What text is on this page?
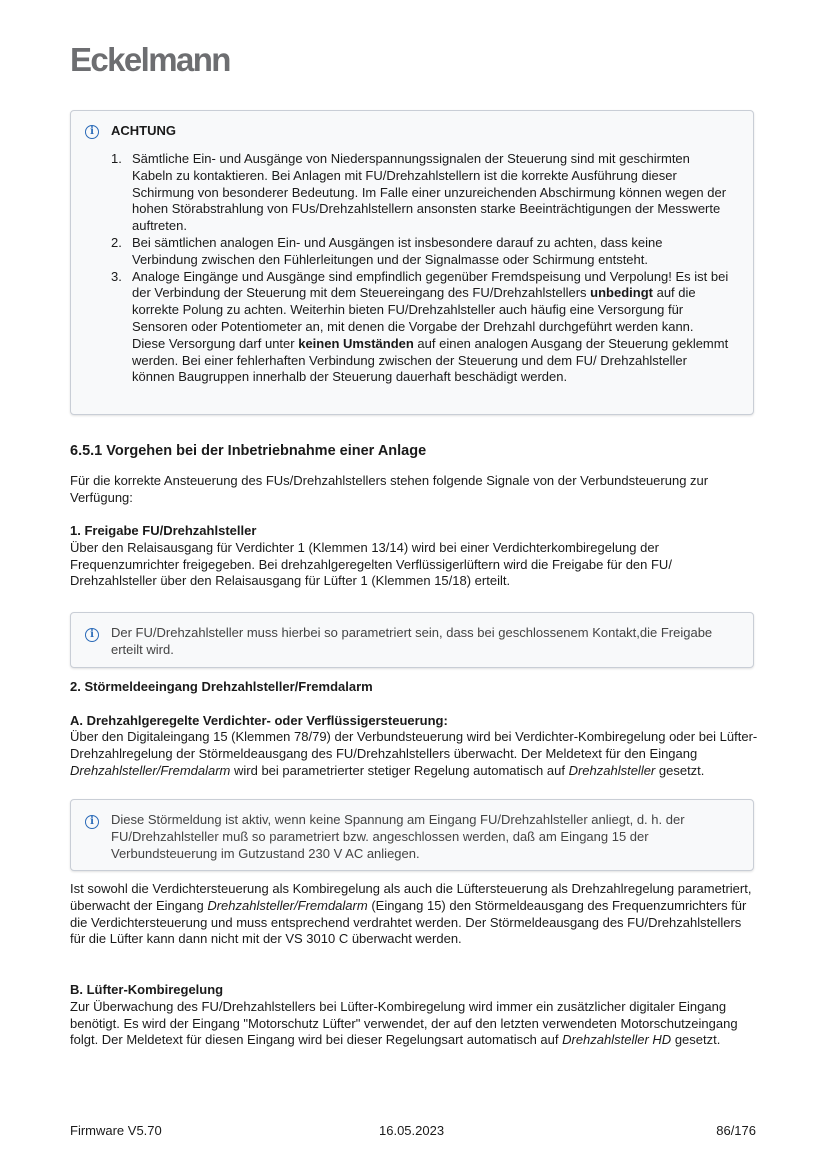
Eckelmann
i	ACHTUNG
1. Sämtliche Ein- und Ausgänge von Niederspannungssignalen der Steuerung sind mit geschirmten Kabeln zu kontaktieren. Bei Anlagen mit FU/Drehzahlstellern ist die korrekte Ausführung dieser Schirmung von besonderer Bedeutung. Im Falle einer unzureichenden Abschirmung können wegen der hohen Störabstrahlung von FUs/Drehzahlstellern ansonsten starke Beeinträchtigungen der Messwerte auftreten.
2. Bei sämtlichen analogen Ein- und Ausgängen ist insbesondere darauf zu achten, dass keine Verbindung zwischen den Fühlerleitungen und der Signalmasse oder Schirmung entsteht.
3. Analoge Eingänge und Ausgänge sind empfindlich gegenüber Fremdspeisung und Verpolung! Es ist bei der Verbindung der Steuerung mit dem Steuereingang des FU/Drehzahlstellers unbedingt auf die korrekte Polung zu achten. Weiterhin bieten FU/Drehzahlsteller auch häufig eine Versorgung für Sensoren oder Potentiometer an, mit denen die Vorgabe der Drehzahl durchgeführt werden kann.
Diese Versorgung darf unter keinen Umständen auf einen analogen Ausgang der Steuerung geklemmt werden. Bei einer fehlerhaften Verbindung zwischen der Steuerung und dem FU/ Drehzahlsteller können Baugruppen innerhalb der Steuerung dauerhaft beschädigt werden.
6.5.1 Vorgehen bei der Inbetriebnahme einer Anlage
Für die korrekte Ansteuerung des FUs/Drehzahlstellers stehen folgende Signale von der Verbundsteuerung zur Verfügung:
1. Freigabe FU/Drehzahlsteller
Über den Relaisausgang für Verdichter 1 (Klemmen 13/14) wird bei einer Verdichterkombiregelung der Frequenzumrichter freigegeben. Bei drehzahlgeregelten Verflüssigerlüftern wird die Freigabe für den FU/ Drehzahlsteller über den Relaisausgang für Lüfter 1 (Klemmen 15/18) erteilt.
i	Der FU/Drehzahlsteller muss hierbei so parametriert sein, dass bei geschlossenem Kontakt,die Freigabe erteilt wird.
2. Störmeldeeingang Drehzahlsteller/Fremdalarm

A. Drehzahlgeregelte Verdichter- oder Verflüssigersteuerung:
Über den Digitaleingang 15 (Klemmen 78/79) der Verbundsteuerung wird bei Verdichter-Kombiregelung oder bei Lüfter-Drehzahlregelung der Störmeldeausgang des FU/Drehzahlstellers überwacht. Der Meldetext für den Eingang Drehzahlsteller/Fremdalarm wird bei parametrierter stetiger Regelung automatisch auf Drehzahlsteller gesetzt.
i	Diese Störmeldung ist aktiv, wenn keine Spannung am Eingang FU/Drehzahlsteller anliegt, d. h. der FU/Drehzahlsteller muß so parametriert bzw. angeschlossen werden, daß am Eingang 15 der Verbundsteuerung im Gutzustand 230 V AC anliegen.
Ist sowohl die Verdichtersteuerung als Kombiregelung als auch die Lüftersteuerung als Drehzahlregelung parametriert, überwacht der Eingang Drehzahlsteller/Fremdalarm (Eingang 15) den Störmeldeausgang des Frequenzumrichters für die Verdichtersteuerung und muss entsprechend verdrahtet werden. Der Störmeldeausgang des FU/Drehzahlstellers für die Lüfter kann dann nicht mit der VS 3010 C überwacht werden.
B. Lüfter-Kombiregelung
Zur Überwachung des FU/Drehzahlstellers bei Lüfter-Kombiregelung wird immer ein zusätzlicher digitaler Eingang benötigt. Es wird der Eingang "Motorschutz Lüfter" verwendet, der auf den letzten verwendeten Motorschutzeingang folgt. Der Meldetext für diesen Eingang wird bei dieser Regelungsart automatisch auf Drehzahlsteller HD gesetzt.
Firmware V5.70	16.05.2023	86/176
